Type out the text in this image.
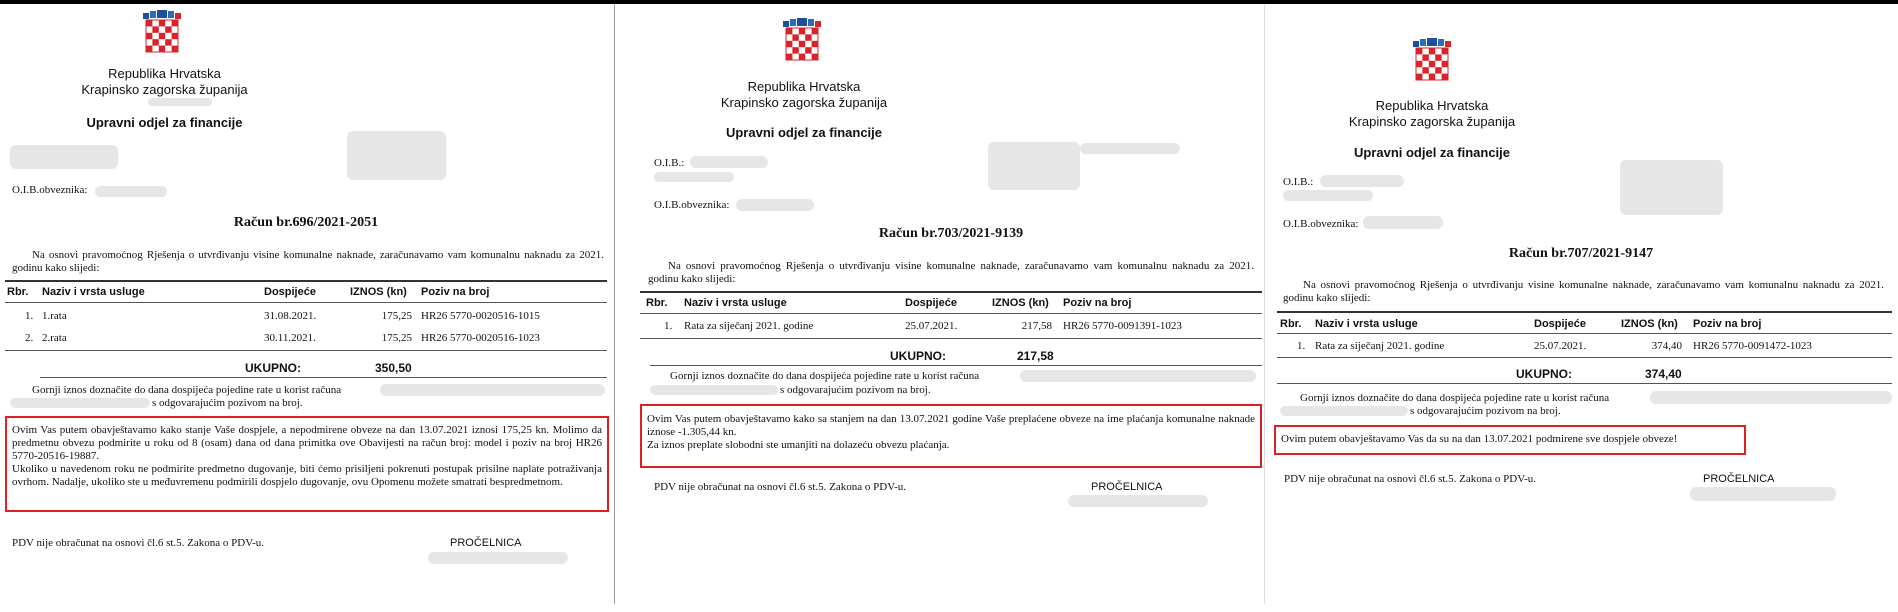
Republika Hrvatska
Krapinsko zagorska županija
Upravni odjel za financije
O.I.B.obveznika:
Račun br.696/2021-2051
Na osnovi pravomoćnog Rješenja o utvrđivanju visine komunalne naknade, zaračunavamo vam komunalnu naknadu za 2021. godinu kako slijedi:
Rbr. Naziv i vrsta usluge	Dospijeće	IZNOS (kn) Poziv na broj
1. 1.rata	31.08.2021.	175,25 HR26 5770-0020516-1015
2. 2.rata	30.11.2021.	175,25 HR26 5770-0020516-1023
UKUPNO:	350,50
Gornji iznos doznačite do dana dospijeća pojedine rate u korist računa
s odgovarajućim pozivom na broj.

Ovim Vas putem obavještavamo kako stanje Vaše dospjele, a nepodmirene obveze na dan 13.07.2021 iznosi 175,25 kn. Molimo da predmetnu obvezu podmirite u roku od 8 (osam) dana od dana primitka ove Obavijesti na račun broj: model i poziv na broj HR26 5770-20516-19887.

Ukoliko u navedenom roku ne podmirite predmetno dugovanje, biti ćemo prisiljeni pokrenuti postupak prisilne naplate potraživanja ovrhom. Nadalje, ukoliko ste u međuvremenu podmirili dospjelo dugovanje, ovu Opomenu možete smatrati bespredmetnom.

PDV nije obračunat na osnovi čl.6 st.5. Zakona o PDV-u.	PROČELNICA
Republika Hrvatska
Krapinsko zagorska županija
Upravni odjel za financije
O.I.B.:
O.I.B.obveznika:
Račun br.703/2021-9139
Na osnovi pravomoćnog Rješenja o utvrđivanju visine komunalne naknade, zaračunavamo vam komunalnu naknadu za 2021. godinu kako slijedi:
Rbr. Naziv i vrsta usluge	Dospijeće	IZNOS (kn) Poziv na broj
1. Rata za siječanj 2021. godine	25.07.2021.	217,58 HR26 5770-0091391-1023
UKUPNO:	217,58
Gornji iznos doznačite do dana dospijeća pojedine rate u korist računa
s odgovarajućim pozivom na broj.

Ovim Vas putem obavještavamo kako sa stanjem na dan 13.07.2021 godine Vaše preplaćene obveze na ime plaćanja komunalne naknade iznose -1.305,44 kn.

Za iznos preplate slobodni ste umanjiti na dolazeću obvezu plaćanja.

PDV nije obračunat na osnovi čl.6 st.5. Zakona o PDV-u.	PROČELNICA
Republika Hrvatska
Krapinsko zagorska županija
Upravni odjel za financije
O.I.B.:
O.I.B.obveznika:
Račun br.707/2021-9147
Na osnovi pravomoćnog Rješenja o utvrđivanju visine komunalne naknade, zaračunavamo vam komunalnu naknadu za 2021. godinu kako slijedi:
Rbr. Naziv i vrsta usluge	Dospijeće	IZNOS (kn) Poziv na broj
1. Rata za siječanj 2021. godine	25.07.2021.	374,40 HR26 5770-0091472-1023
UKUPNO:	374,40
Gornji iznos doznačite do dana dospijeća pojedine rate u korist računa
s odgovarajućim pozivom na broj.

Ovim putem obavještavamo Vas da su na dan 13.07.2021 podmirene sve dospjele obveze!

PDV nije obračunat na osnovi čl.6 st.5. Zakona o PDV-u.	PROČELNICA
